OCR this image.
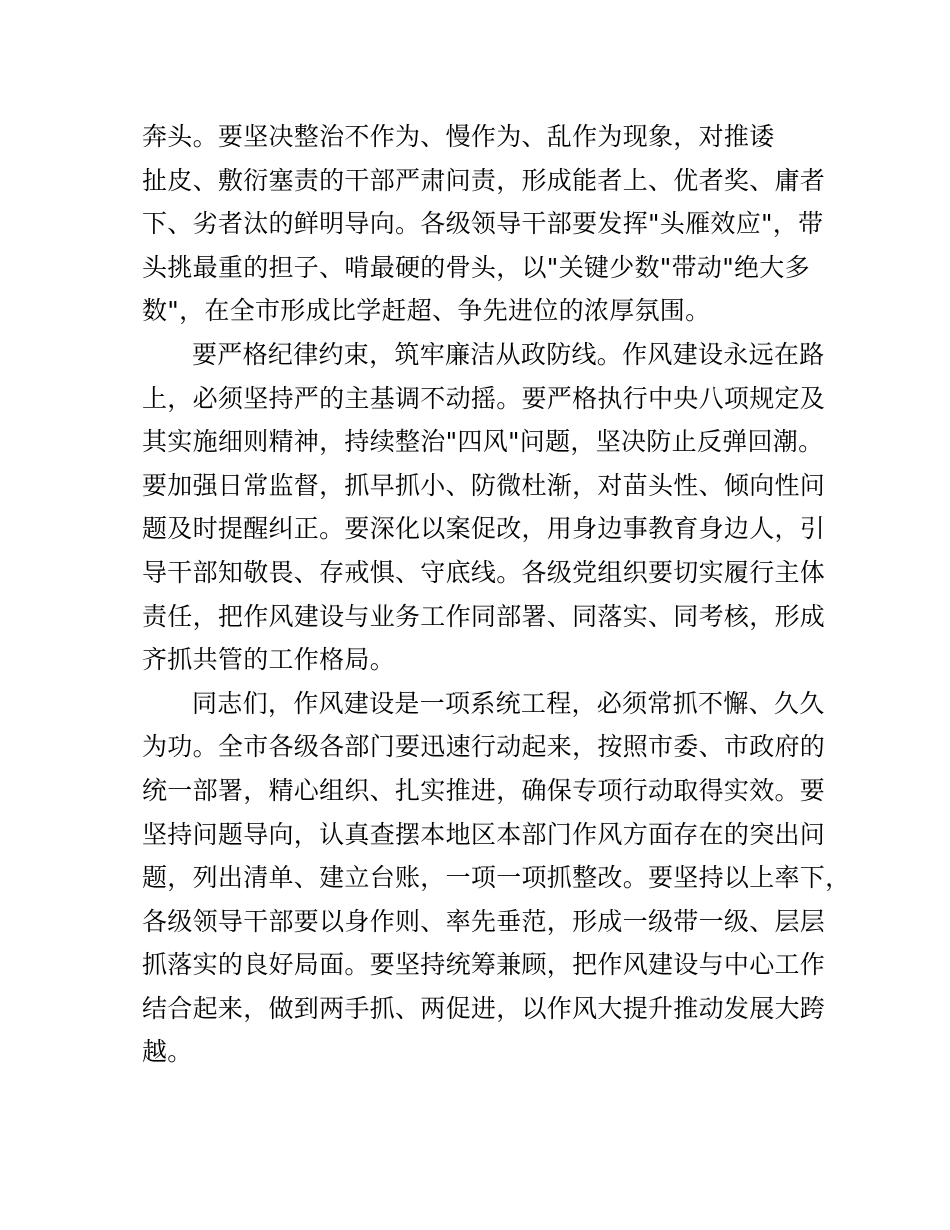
奔头。要坚决整治不作为、慢作为、乱作为现象，对推诿
扯皮、敷衍塞责的干部严肃问责，形成能者上、优者奖、庸者
下、劣者汰的鲜明导向。各级领导干部要发挥"头雁效应"，带
头挑最重的担子、啃最硬的骨头，以"关键少数"带动"绝大多
数"，在全市形成比学赶超、争先进位的浓厚氛围。
要严格纪律约束，筑牢廉洁从政防线。作风建设永远在路
上，必须坚持严的主基调不动摇。要严格执行中央八项规定及
其实施细则精神，持续整治"四风"问题，坚决防止反弹回潮。
要加强日常监督，抓早抓小、防微杜渐，对苗头性、倾向性问
题及时提醒纠正。要深化以案促改，用身边事教育身边人，引
导干部知敬畏、存戒惧、守底线。各级党组织要切实履行主体
责任，把作风建设与业务工作同部署、同落实、同考核，形成
齐抓共管的工作格局。
同志们，作风建设是一项系统工程，必须常抓不懈、久久
为功。全市各级各部门要迅速行动起来，按照市委、市政府的
统一部署，精心组织、扎实推进，确保专项行动取得实效。要
坚持问题导向，认真查摆本地区本部门作风方面存在的突出问
题，列出清单、建立台账，一项一项抓整改。要坚持以上率下，
各级领导干部要以身作则、率先垂范，形成一级带一级、层层
抓落实的良好局面。要坚持统筹兼顾，把作风建设与中心工作
结合起来，做到两手抓、两促进，以作风大提升推动发展大跨
越。
